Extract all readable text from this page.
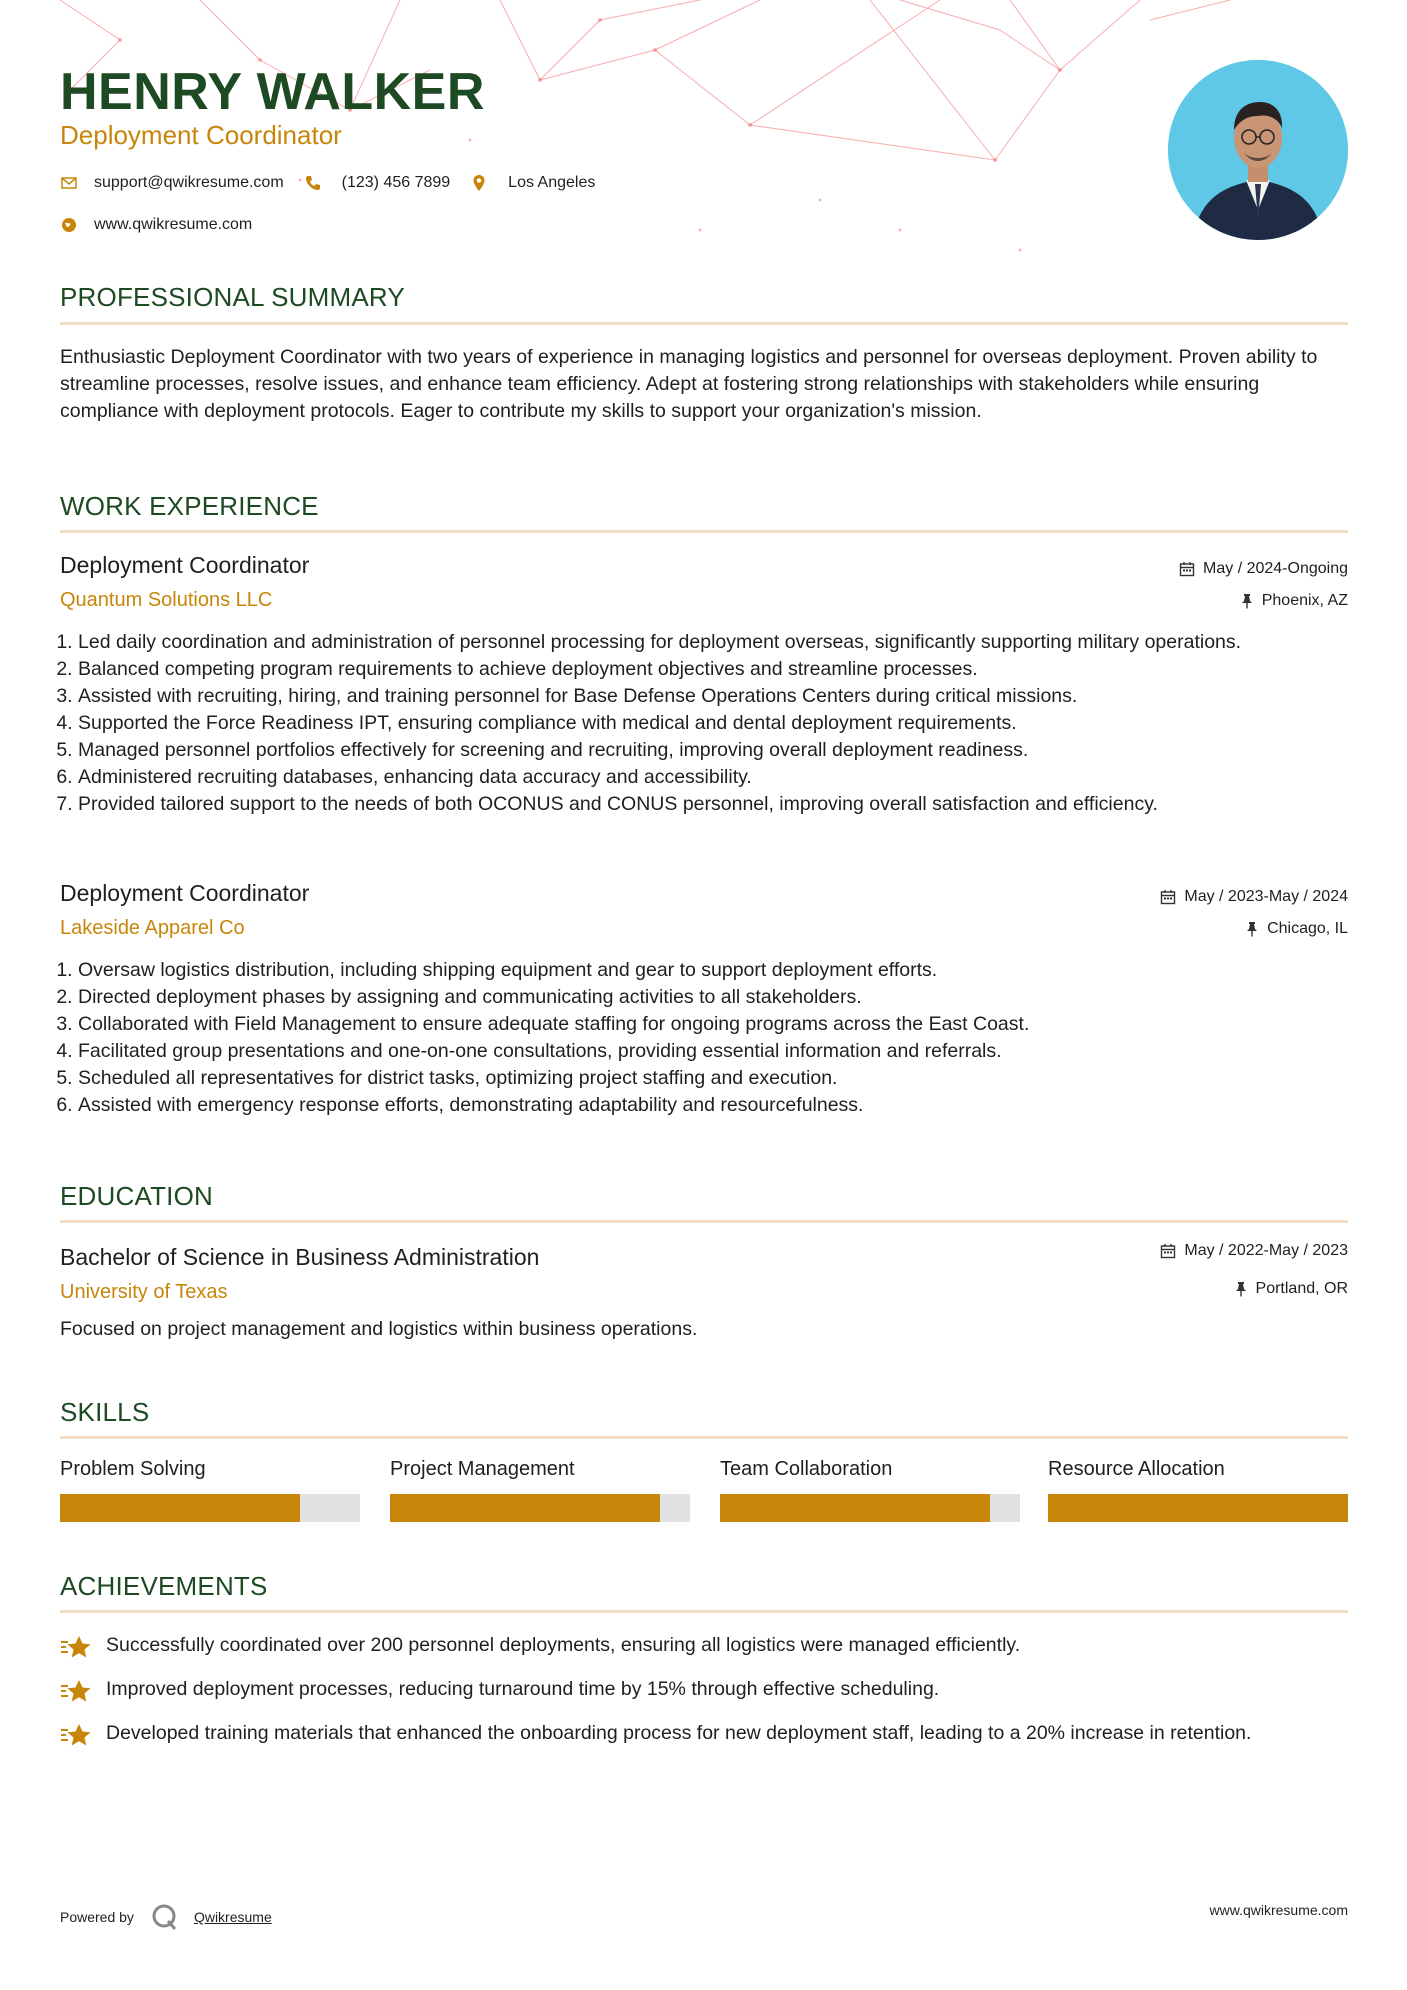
HENRY WALKER
Deployment Coordinator
support@qwikresume.com	(123) 456 7899	Los Angeles
www.qwikresume.com
PROFESSIONAL SUMMARY
Enthusiastic Deployment Coordinator with two years of experience in managing logistics and personnel for overseas deployment. Proven ability to streamline processes, resolve issues, and enhance team efficiency. Adept at fostering strong relationships with stakeholders while ensuring compliance with deployment protocols. Eager to contribute my skills to support your organization's mission.
WORK EXPERIENCE
Deployment Coordinator	May / 2024-Ongoing
Quantum Solutions LLC	Phoenix, AZ
1. Led daily coordination and administration of personnel processing for deployment overseas, significantly supporting military operations.
2. Balanced competing program requirements to achieve deployment objectives and streamline processes.
3. Assisted with recruiting, hiring, and training personnel for Base Defense Operations Centers during critical missions.
4. Supported the Force Readiness IPT, ensuring compliance with medical and dental deployment requirements.
5. Managed personnel portfolios effectively for screening and recruiting, improving overall deployment readiness.
6. Administered recruiting databases, enhancing data accuracy and accessibility.
7. Provided tailored support to the needs of both OCONUS and CONUS personnel, improving overall satisfaction and efficiency.
Deployment Coordinator	May / 2023-May / 2024
Lakeside Apparel Co	Chicago, IL
1. Oversaw logistics distribution, including shipping equipment and gear to support deployment efforts.
2. Directed deployment phases by assigning and communicating activities to all stakeholders.
3. Collaborated with Field Management to ensure adequate staffing for ongoing programs across the East Coast.
4. Facilitated group presentations and one-on-one consultations, providing essential information and referrals.
5. Scheduled all representatives for district tasks, optimizing project staffing and execution.
6. Assisted with emergency response efforts, demonstrating adaptability and resourcefulness.
EDUCATION
Bachelor of Science in Business Administration	May / 2022-May / 2023
University of Texas	Portland, OR
Focused on project management and logistics within business operations.
SKILLS
Problem Solving	Project Management	Team Collaboration	Resource Allocation
ACHIEVEMENTS
Successfully coordinated over 200 personnel deployments, ensuring all logistics were managed efficiently.
Improved deployment processes, reducing turnaround time by 15% through effective scheduling.
Developed training materials that enhanced the onboarding process for new deployment staff, leading to a 20% increase in retention.
Powered by	Qwikresume	www.qwikresume.com
